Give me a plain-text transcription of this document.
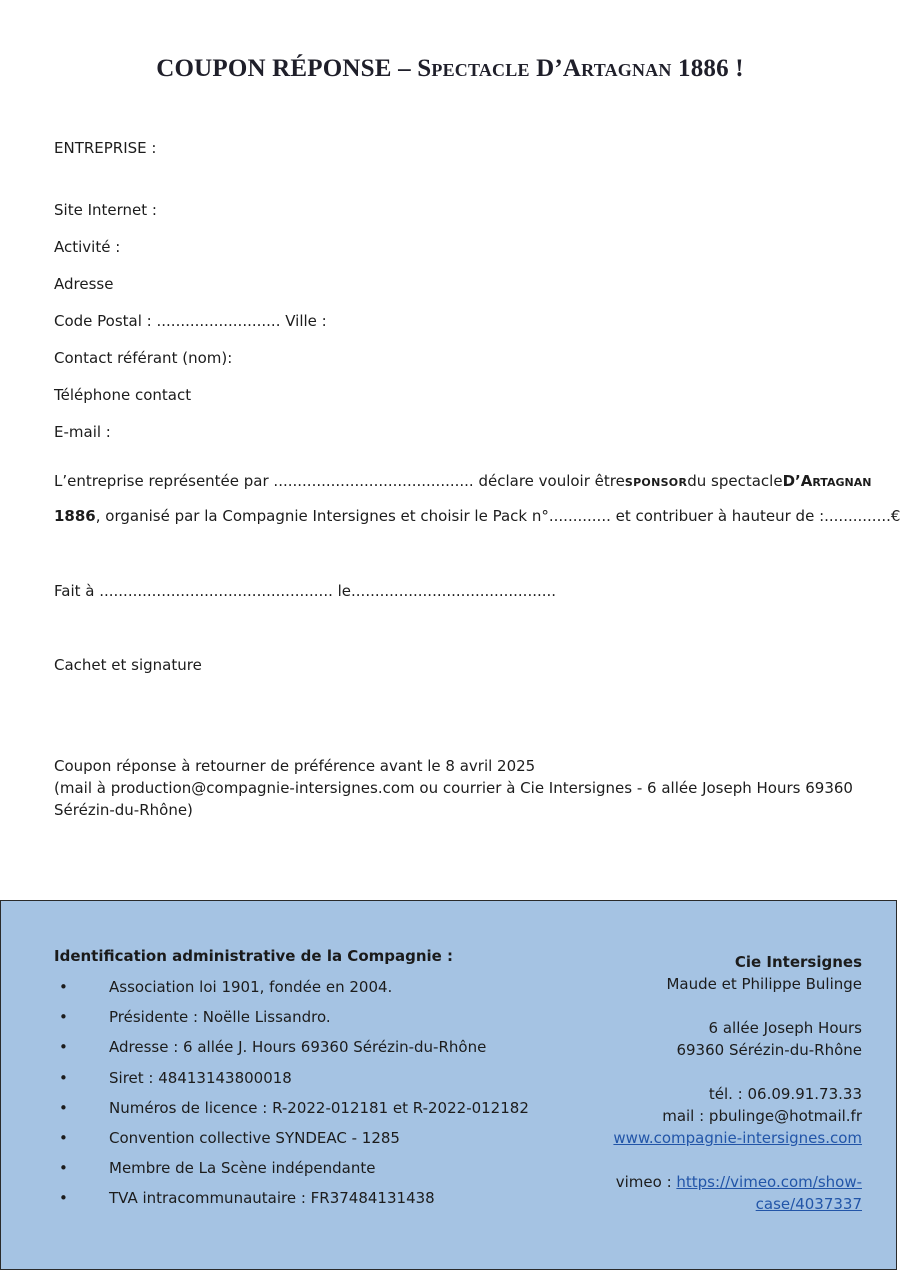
COUPON RÉPONSE – Spectacle D’Artagnan 1886 !
ENTREPRISE :
Site Internet :
Activité :
Adresse
Code Postal : .......................... Ville :
Contact référant (nom):
Téléphone contact
E-mail :
L’entreprise représentée par .......................................... déclare vouloir être sponsor du spectacle D’Artagnan
1886, organisé par la Compagnie Intersignes et choisir le Pack n°............. et contribuer à hauteur de :..............€
Fait à ................................................. le...........................................
Cachet et signature
Coupon réponse à retourner de préférence avant le 8 avril 2025
(mail à production@compagnie-intersignes.com ou courrier à Cie Intersignes - 6 allée Joseph Hours 69360
Sérézin-du-Rhône)
Identification administrative de la Compagnie :
•	Association loi 1901, fondée en 2004.
•	Présidente : Noëlle Lissandro.
•	Adresse : 6 allée J. Hours 69360 Sérézin-du-Rhône
•	Siret : 48413143800018
•	Numéros de licence : R-2022-012181 et R-2022-012182
•	Convention collective SYNDEAC - 1285
•	Membre de La Scène indépendante
•	TVA intracommunautaire : FR37484131438
Cie Intersignes
Maude et Philippe Bulinge
6 allée Joseph Hours
69360 Sérézin-du-Rhône
tél. : 06.09.91.73.33
mail : pbulinge@hotmail.fr
www.compagnie-intersignes.com
vimeo : https://vimeo.com/show-
case/4037337
